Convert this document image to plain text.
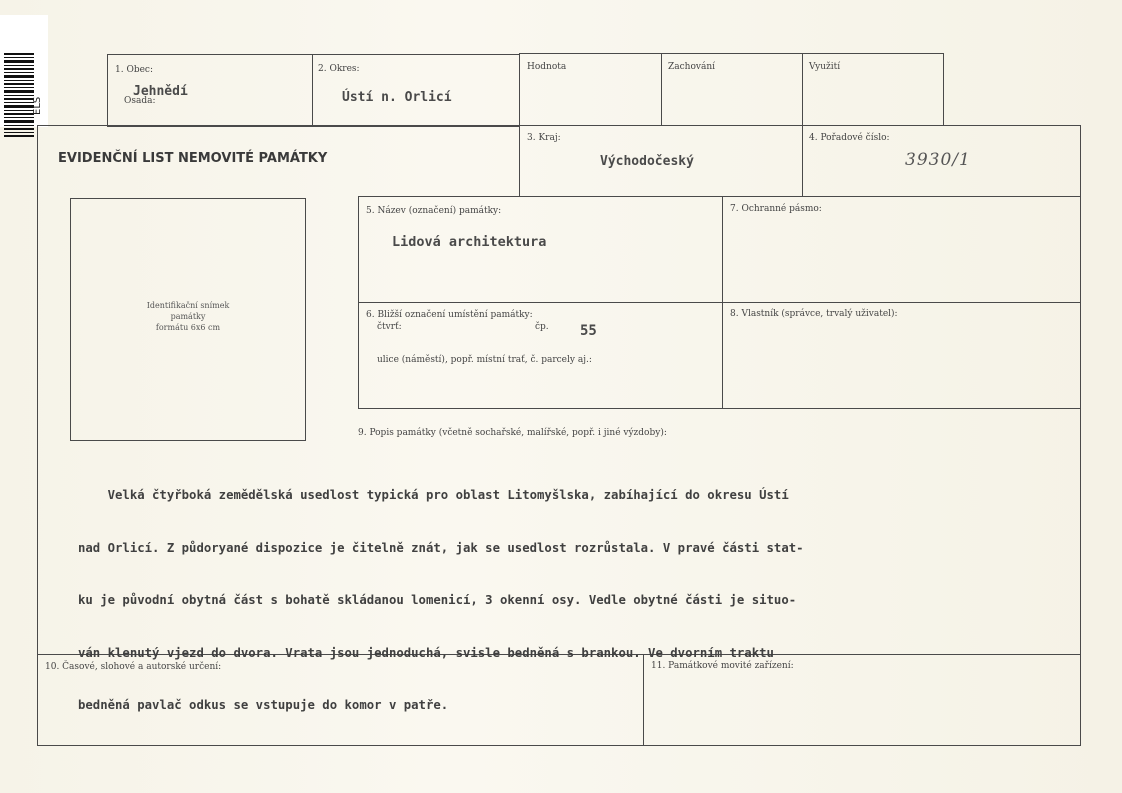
ELS
1. Obec:
Jehnědí
Osada:
2. Okres:
Ústí n. Orlicí
Hodnota	Zachování	Využití
EVIDENČNÍ LIST NEMOVITÉ PAMÁTKY
3. Kraj:
Východočeský
4. Pořadové číslo:
3930/1
5. Název (označení) památky:
Lidová architektura
7. Ochranné pásmo:
6. Bližší označení umístění památky:
čtvrť:	čp. 55
ulice (náměstí), popř. místní trať, č. parcely aj.:
8. Vlastník (správce, trvalý uživatel):
Identifikační snímek
památky
formátu 6x6 cm
9. Popis památky (včetně sochařské, malířské, popř. i jiné výzdoby):

Velká čtyřboká zemědělská usedlost typická pro oblast Litomyšlska, zabíhající do okresu Ústí

nad Orlicí. Z půdoryané dispozice je čitelně znát, jak se usedlost rozrůstala. V pravé části stat-

ku je původní obytná část s bohatě skládanou lomenicí, 3 okenní osy. Vedle obytné části je situo-

ván klenutý vjezd do dvora. Vrata jsou jednoduchá, svisle bedněná s brankou. Ve dvorním traktu

bedněná pavlač odkus se vstupuje do komor v patře.

10. Časové, slohové a autorské určení:	11. Památkové movité zařízení:
